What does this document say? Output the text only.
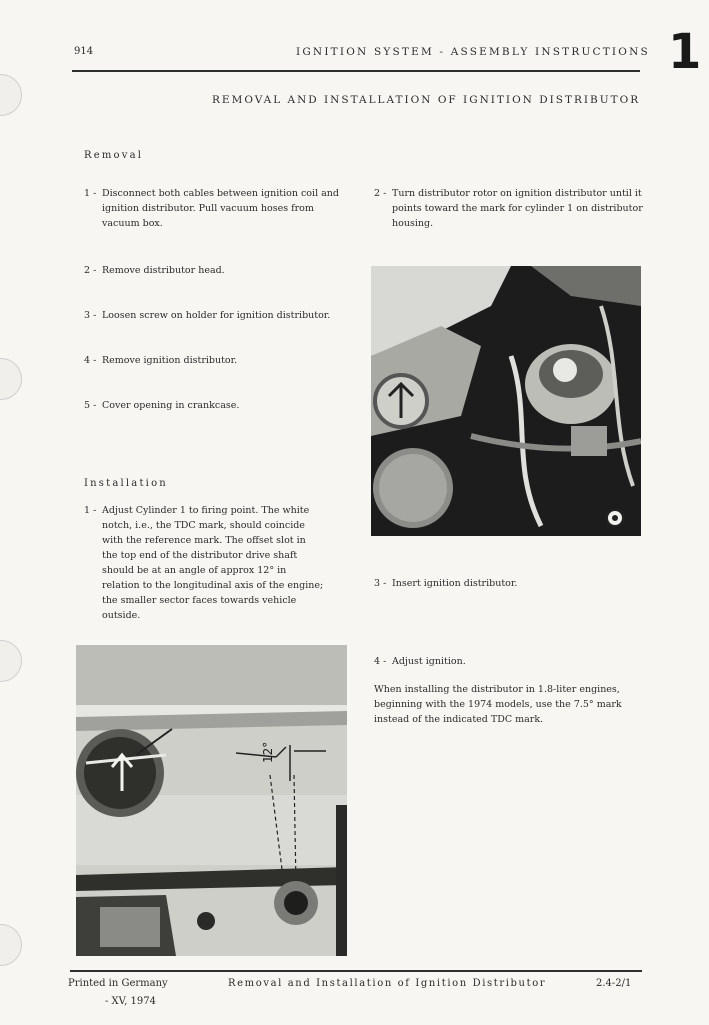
914	IGNITION SYSTEM - ASSEMBLY INSTRUCTIONS 1
REMOVAL AND INSTALLATION OF IGNITION DISTRIBUTOR
Removal
1 - Disconnect both cables between ignition coil and ignition distributor. Pull vacuum hoses from vacuum box.
2 - Remove distributor head.
3 - Loosen screw on holder for ignition distributor.
4 - Remove ignition distributor.
5 - Cover opening in crankcase.
2 - Turn distributor rotor on ignition distributor until it points toward the mark for cylinder 1 on distributor housing.
Installation
1 - Adjust Cylinder 1 to firing point. The white notch, i.e., the TDC mark, should coincide with the reference mark. The offset slot in the top end of the distributor drive shaft should be at an angle of approx 12° in relation to the longitudinal axis of the engine; the smaller sector faces towards vehicle outside.
3 - Insert ignition distributor.
4 - Adjust ignition.
When installing the distributor in 1.8-liter engines, beginning with the 1974 models, use the 7.5° mark instead of the indicated TDC mark.
12°
Printed in Germany
- XV, 1974
Removal and Installation of Ignition Distributor	2.4-2/1
